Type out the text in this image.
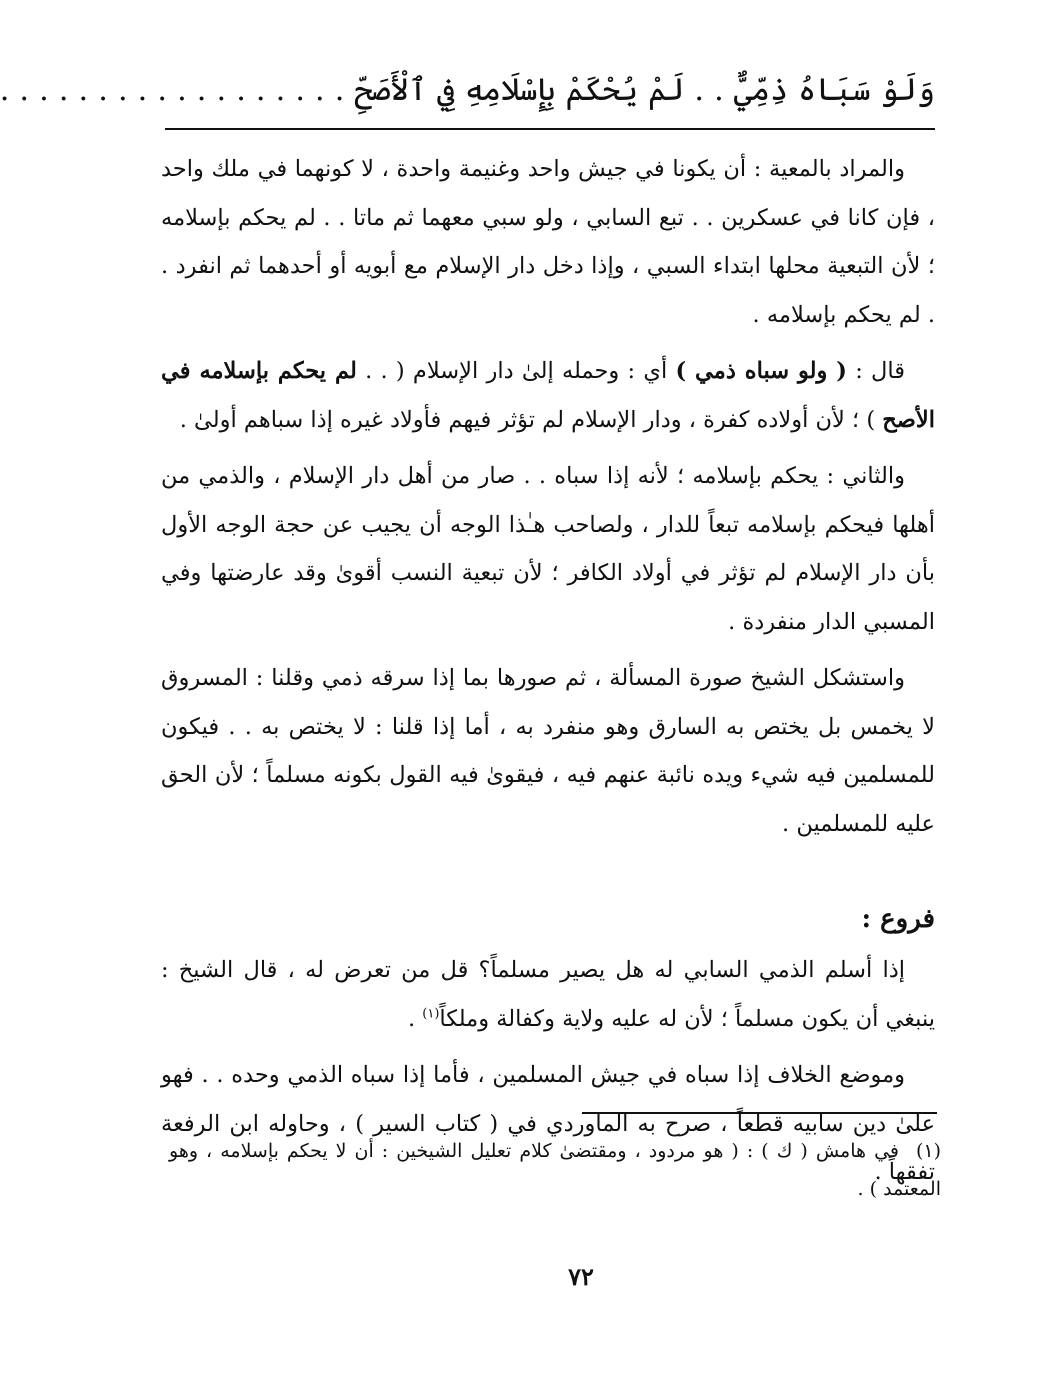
وَلَوْ سَبَاهُ ذِمِّيٌّ . . لَمْ يُحْكَمْ بِإِسْلَامِهِ فِي ٱلْأَصَحِّ . . . . . . . . . . . . . . . . . .

والمراد بالمعية : أن يكونا في جيش واحد وغنيمة واحدة ، لا كونهما في ملك واحد ، فإن كانا في عسكرين . . تبع السابي ، ولو سبي معهما ثم ماتا . . لم يحكم بإسلامه ؛ لأن التبعية محلها ابتداء السبي ، وإذا دخل دار الإسلام مع أبويه أو أحدهما ثم انفرد . . لم يحكم بإسلامه .

قال : ( ولو سباه ذمي ) أي : وحمله إلىٰ دار الإسلام ( . . لم يحكم بإسلامه في الأصح ) ؛ لأن أولاده كفرة ، ودار الإسلام لم تؤثر فيهم فأولاد غيره إذا سباهم أولىٰ .

والثاني : يحكم بإسلامه ؛ لأنه إذا سباه . . صار من أهل دار الإسلام ، والذمي من أهلها فيحكم بإسلامه تبعاً للدار ، ولصاحب هـٰذا الوجه أن يجيب عن حجة الوجه الأول بأن دار الإسلام لم تؤثر في أولاد الكافر ؛ لأن تبعية النسب أقوىٰ وقد عارضتها وفي المسبي الدار منفردة .

واستشكل الشيخ صورة المسألة ، ثم صورها بما إذا سرقه ذمي وقلنا : المسروق لا يخمس بل يختص به السارق وهو منفرد به ، أما إذا قلنا : لا يختص به . . فيكون للمسلمين فيه شيء ويده نائبة عنهم فيه ، فيقوىٰ فيه القول بكونه مسلماً ؛ لأن الحق عليه للمسلمين .

فروع :

إذا أسلم الذمي السابي له هل يصير مسلماً؟ قل من تعرض له ، قال الشيخ : ينبغي أن يكون مسلماً ؛ لأن له عليه ولاية وكفالة وملكاً$^{(١)}$ .

وموضع الخلاف إذا سباه في جيش المسلمين ، فأما إذا سباه الذمي وحده . . فهو علىٰ دين سابيه قطعاً ، صرح به الماوردي في ( كتاب السير ) ، وحاوله ابن الرفعة تفقهاً .

(١)في هامش ( ك ) : ( هو مردود ، ومقتضىٰ كلام تعليل الشيخين : أن لا يحكم بإسلامه ، وهو المعتمد ) .
٧٢
